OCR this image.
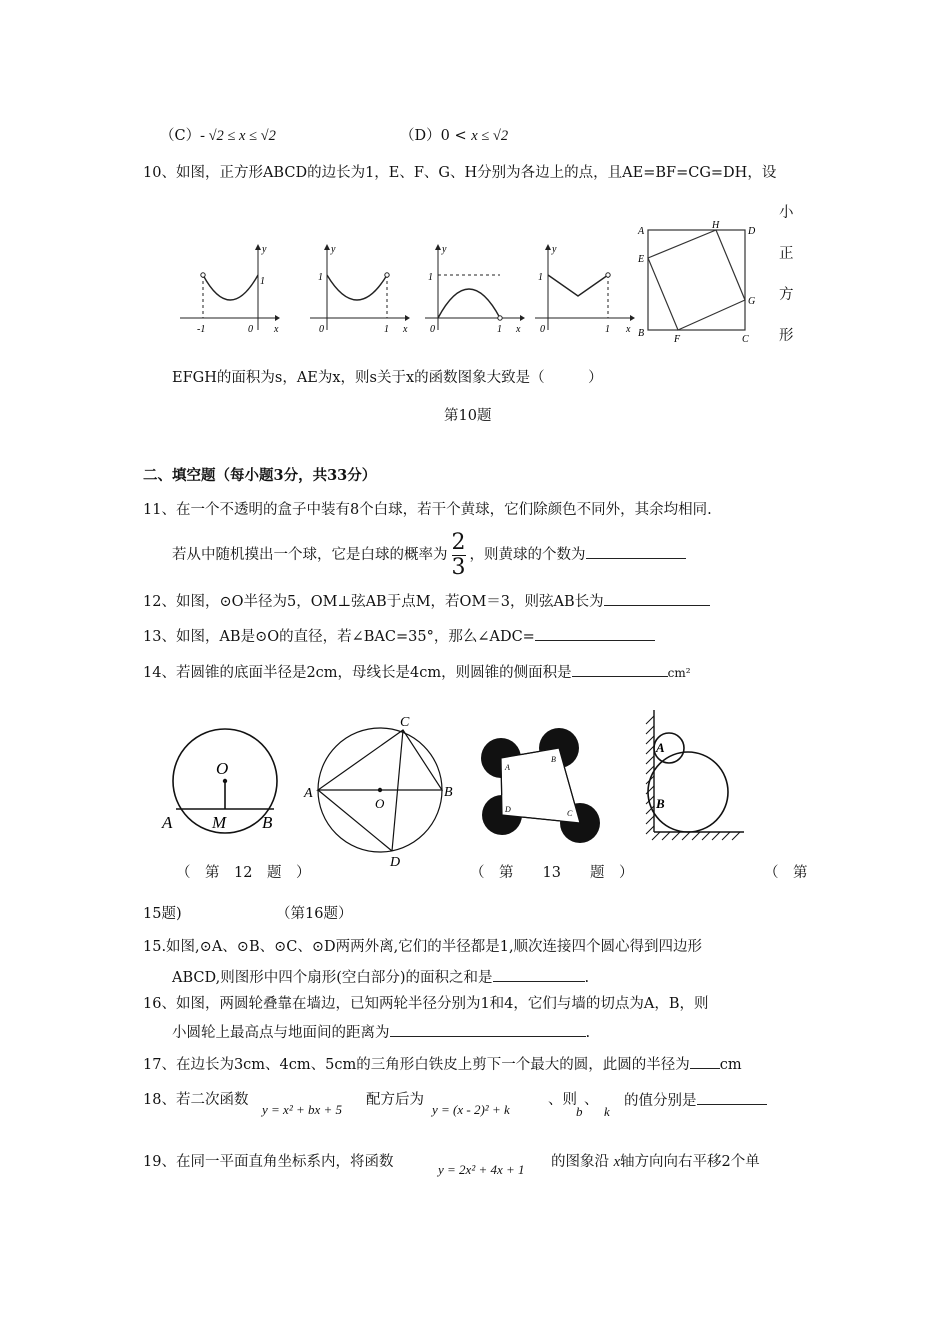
（C）- √2 ≤ x ≤ √2	（D）0 < x ≤ √2
10、如图，正方形ABCD的边长为1，E、F、G、H分别为各边上的点，且AE=BF=CG=DH，设
小
正
方
形
y
x
1
0
-1
y
x
1
0	1
y
x
1
0	1
y
x
1
0	1
A
B
C
D
E
F
G
H
EFGH的面积为s，AE为x，则s关于x的函数图象大致是（　　　）
第10题
二、填空题（每小题3分，共33分）
11、在一个不透明的盒子中装有8个白球，若干个黄球，它们除颜色不同外，其余均相同.
若从中随机摸出一个球，它是白球的概率为 $\frac{2}{3}$ ，则黄球的个数为
12、如图，⊙O半径为5，OM⊥弦AB于点M，若OM＝3，则弦AB长为
13、如图，AB是⊙O的直径，若∠BAC=35°，那么∠ADC=
14、若圆锥的底面半径是2cm，母线长是4cm，则圆锥的侧面积是	cm²
O
A M B
O
A	B
C
D
A
B
C
D
A
B
（　第　12　题　）	（　第　　13　　题　）	（　第
15题)	（第16题）
15.如图,⊙A、⊙B、⊙C、⊙D两两外离,它们的半径都是1,顺次连接四个圆心得到四边形
ABCD,则图形中四个扇形(空白部分)的面积之和是	.
16、如图，两圆轮叠靠在墙边，已知两轮半径分别为1和4，它们与墙的切点为A，B，则
小圆轮上最高点与地面间的距离为	.
17、在边长为3cm、4cm、5cm的三角形白铁皮上剪下一个最大的圆，此圆的半径为 cm
18、若二次函数
y = x² + bx + 5
配方后为
y = (x - 2)² + k
、则
b
、
k
的值分别是
19、在同一平面直角坐标系内，将函数	y = 2x² + 4x + 1 的图象沿 x轴方向向右平移2个单
